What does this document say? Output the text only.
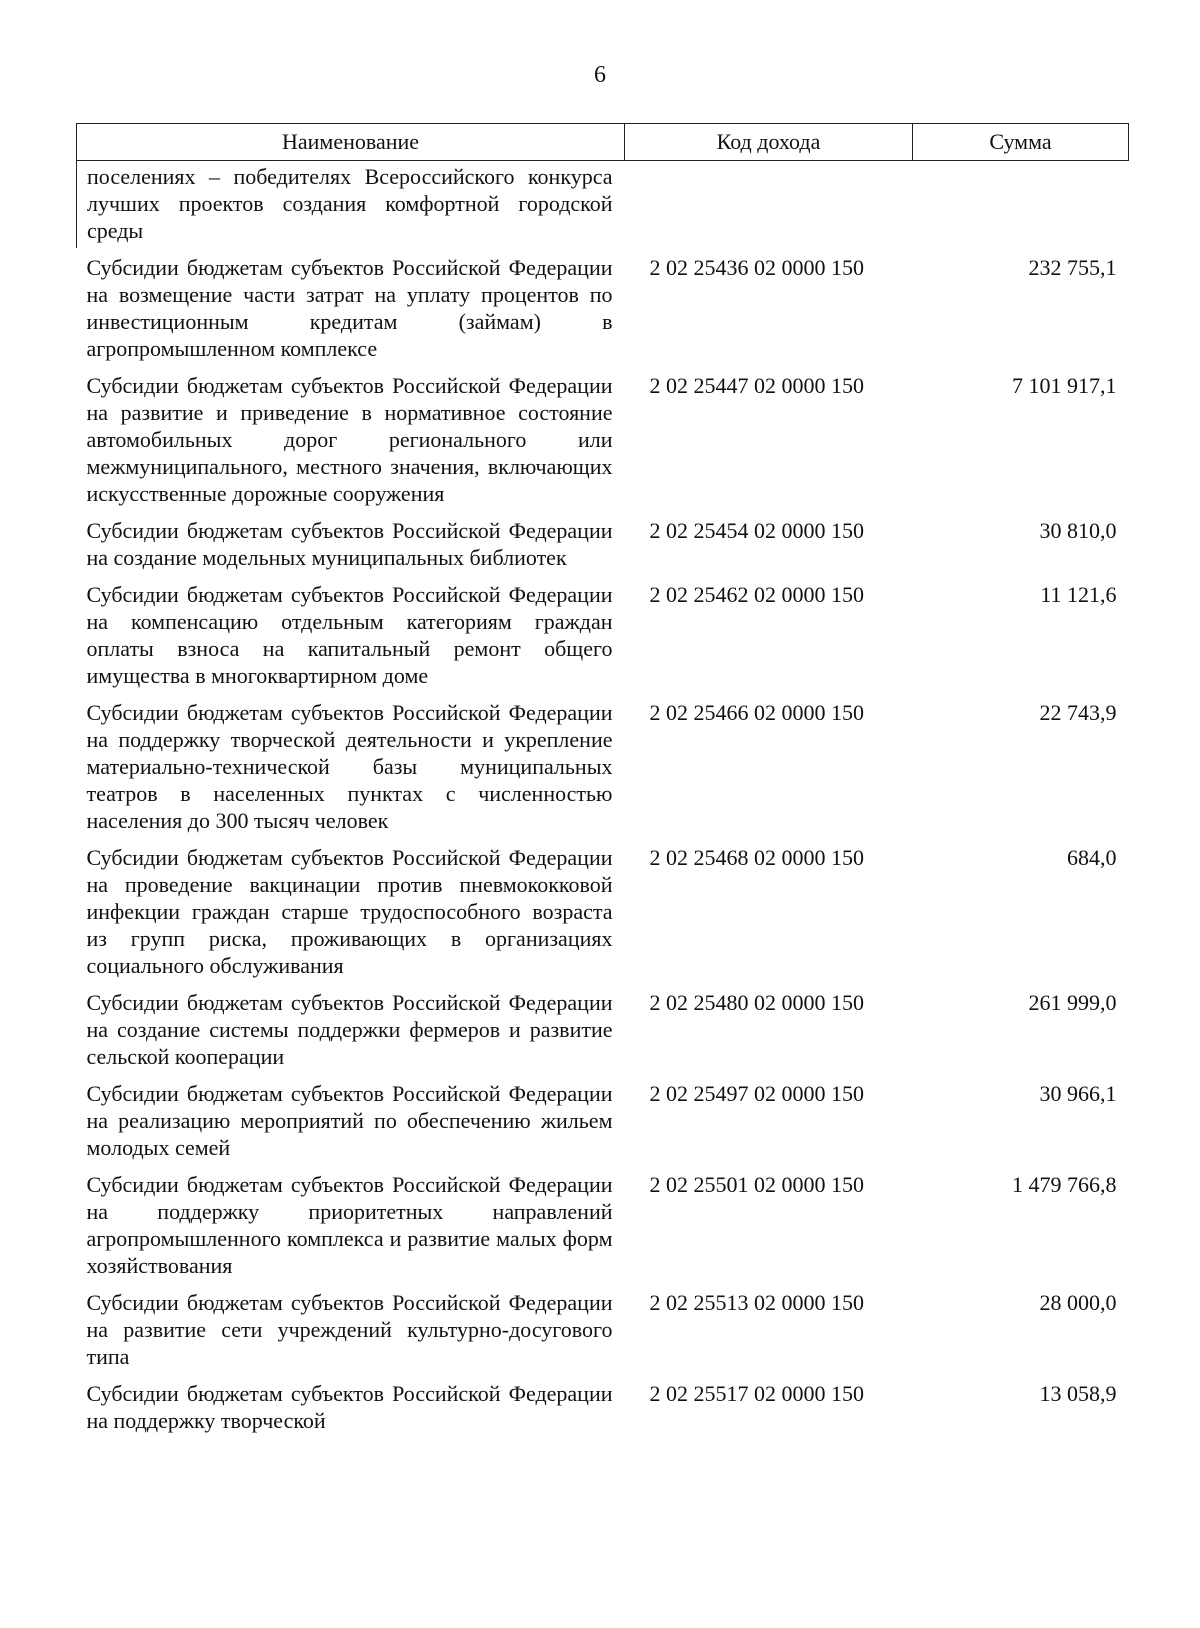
6
Наименование	Код дохода	Сумма
поселениях – победителях Всероссийского конкурса лучших проектов создания комфортной городской среды		
Субсидии бюджетам субъектов Российской Федерации на возмещение части затрат на уплату процентов по инвестиционным кредитам (займам) в агропромышленном комплексе	2 02 25436 02 0000 150	232 755,1
Субсидии бюджетам субъектов Российской Федерации на развитие и приведение в нормативное состояние автомобильных дорог регионального или межмуниципального, местного значения, включающих искусственные дорожные сооружения	2 02 25447 02 0000 150	7 101 917,1
Субсидии бюджетам субъектов Российской Федерации на создание модельных муниципальных библиотек	2 02 25454 02 0000 150	30 810,0
Субсидии бюджетам субъектов Российской Федерации на компенсацию отдельным категориям граждан оплаты взноса на капитальный ремонт общего имущества в многоквартирном доме	2 02 25462 02 0000 150	11 121,6
Субсидии бюджетам субъектов Российской Федерации на поддержку творческой деятельности и укрепление материально-технической базы муниципальных театров в населенных пунктах с численностью населения до 300 тысяч человек	2 02 25466 02 0000 150	22 743,9
Субсидии бюджетам субъектов Российской Федерации на проведение вакцинации против пневмококковой инфекции граждан старше трудоспособного возраста из групп риска, проживающих в организациях социального обслуживания	2 02 25468 02 0000 150	684,0
Субсидии бюджетам субъектов Российской Федерации на создание системы поддержки фермеров и развитие сельской кооперации	2 02 25480 02 0000 150	261 999,0
Субсидии бюджетам субъектов Российской Федерации на реализацию мероприятий по обеспечению жильем молодых семей	2 02 25497 02 0000 150	30 966,1
Субсидии бюджетам субъектов Российской Федерации на поддержку приоритетных направлений агропромышленного комплекса и развитие малых форм хозяйствования	2 02 25501 02 0000 150	1 479 766,8
Субсидии бюджетам субъектов Российской Федерации на развитие сети учреждений культурно-досугового типа	2 02 25513 02 0000 150	28 000,0
Субсидии бюджетам субъектов Российской Федерации на поддержку творческой	2 02 25517 02 0000 150	13 058,9
